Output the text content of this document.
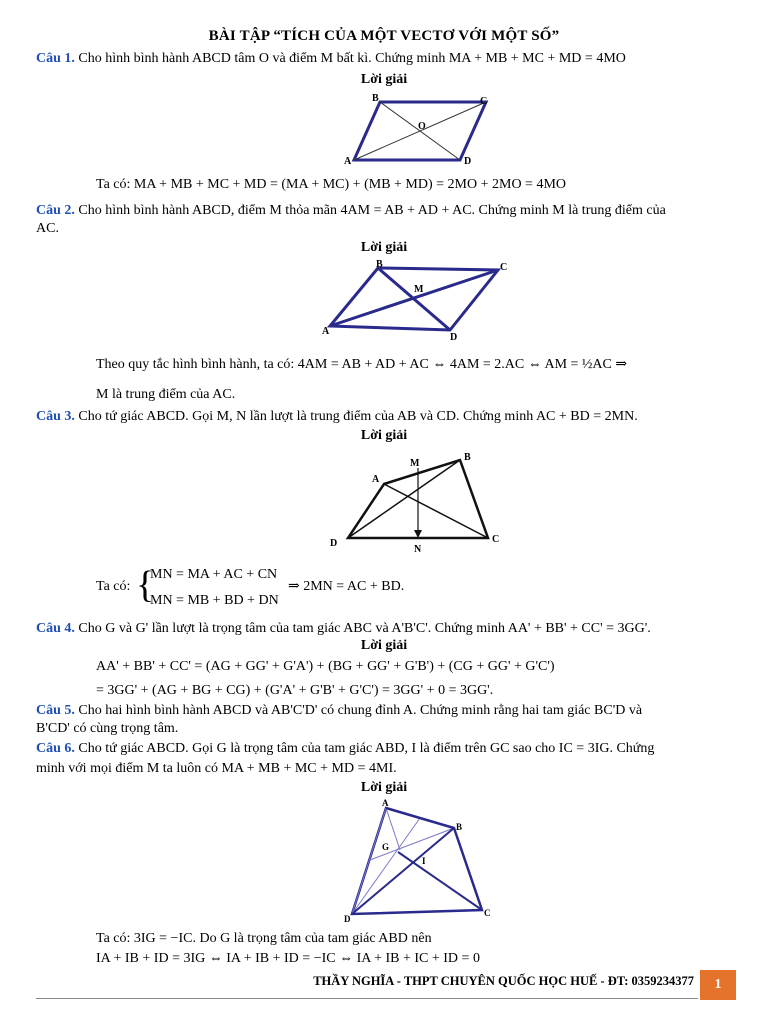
BÀI TẬP “TÍCH CỦA MỘT VECTƠ VỚI MỘT SỐ”
Câu 1. Cho hình bình hành ABCD tâm O và điểm M bất kì. Chứng minh MA + MB + MC + MD = 4MO
Lời giải
B	C
O
A	D
Ta có: MA + MB + MC + MD = (MA + MC) + (MB + MD) = 2MO + 2MO = 4MO
Câu 2. Cho hình bình hành ABCD, điểm M thỏa mãn 4AM = AB + AD + AC. Chứng minh M là trung điểm của
AC.
Lời giải
B	C
M
A
D
Theo quy tắc hình bình hành, ta có: 4AM = AB + AD + AC ⇔ 4AM = 2.AC ⇔ AM = ½AC ⇒
M là trung điểm của AC.
Câu 3. Cho tứ giác ABCD. Gọi M, N lần lượt là trung điểm của AB và CD. Chứng minh AC + BD = 2MN.
Lời giải
M
B
A
D
N
C
Ta có: {
MN = MA + AC + CN
MN = MB + BD + DN
⇒ 2MN = AC + BD.
Câu 4. Cho G và G' lần lượt là trọng tâm của tam giác ABC và A'B'C'. Chứng minh AA' + BB' + CC' = 3GG'.
Lời giải
AA' + BB' + CC' = (AG + GG' + G'A') + (BG + GG' + G'B') + (CG + GG' + G'C')
= 3GG' + (AG + BG + CG) + (G'A' + G'B' + G'C') = 3GG' + 0 = 3GG'.
Câu 5. Cho hai hình bình hành ABCD và AB'C'D' có chung đỉnh A. Chứng minh rằng hai tam giác BC'D và
B'CD' có cùng trọng tâm.
Câu 6. Cho tứ giác ABCD. Gọi G là trọng tâm của tam giác ABD, I là điểm trên GC sao cho IC = 3IG. Chứng
minh với mọi điểm M ta luôn có MA + MB + MC + MD = 4MI.
Lời giải
A
B
G
I
D
C
Ta có: 3IG = −IC. Do G là trọng tâm của tam giác ABD nên
IA + IB + ID = 3IG ⇔ IA + IB + ID = −IC ⇔ IA + IB + IC + ID = 0
THẦY NGHĨA - THPT CHUYÊN QUỐC HỌC HUẾ - ĐT: 0359234377	1
